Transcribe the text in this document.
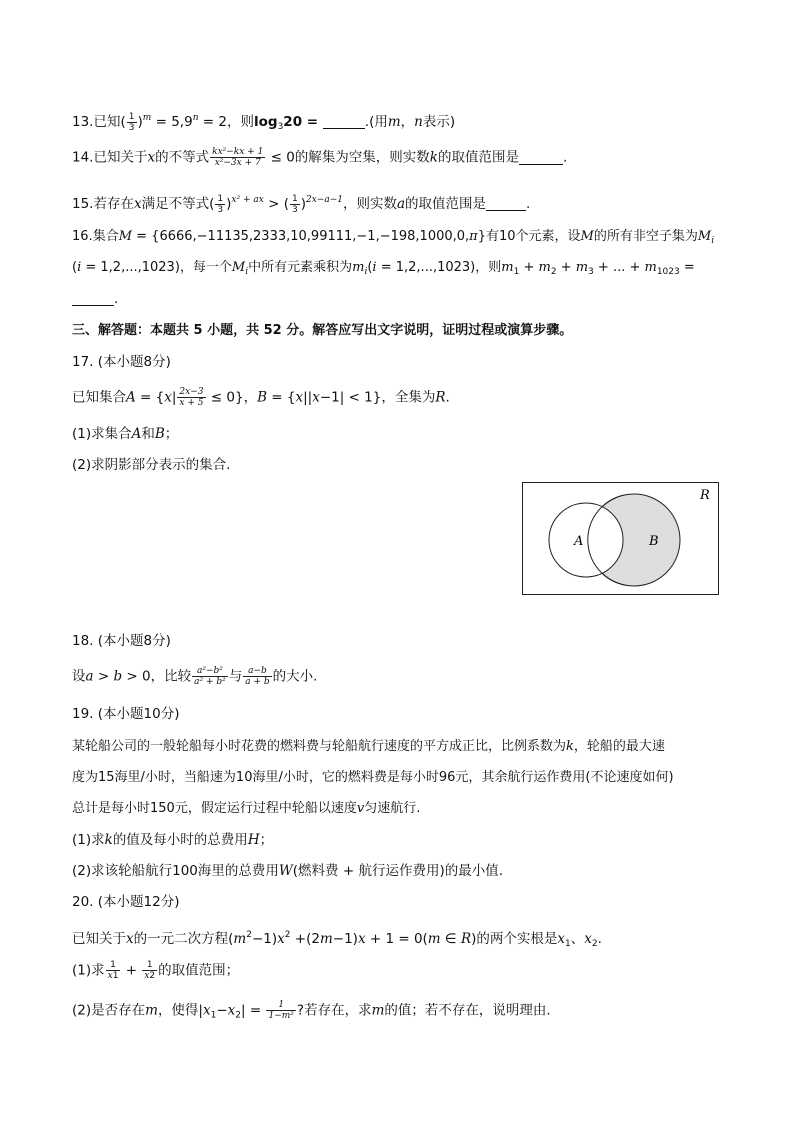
13.已知( $\frac{1}{3} )^m = 5,9^n = 2$，则$\log_320$ =	.(用m，n表示)
14.已知关于x的不等式 $\frac{\text{kx²−kx + 1}}{\text{x²−3x + 7}} \le 0$的解集为空集，则实数k的取值范围是	.
15.若存在x满足不等式( $\frac{1}{3} )^{x^2 + ax}$ > ( $\frac{1}{3} )^{2x-a-1}$，则实数a的取值范围是	.
16.集合M = {6666,−11135,2333,10,99111,−1,−198,1000,0,π}有10个元素，设M的所有非空子集为$M_i$
(i = 1,2,...,1023)，每一个$M_i$中所有元素乘积为$m_i(i = 1,2,...,1023)$，则$m_1 + m_2 + m_3$ + ... + $m_{1023}$ =
.
三、解答题：本题共 5 小题，共 52 分。解答应写出文字说明，证明过程或演算步骤。
17. (本小题8分)
已知集合$A = \{x| \frac{2x-3}{x + 5} \le 0\}$，B = {x||x−1| < 1}，全集为R.
(1)求集合A和B；
(2)求阴影部分表示的集合.
R
A	B
18. (本小题8分)
设a > b > 0，比较 $\frac{\text{a²−b²}}{\text{a² + b²}}$ 与 $\frac{a-b}{a + b}$ 的大小.
19. (本小题10分)
某轮船公司的一般轮船每小时花费的燃料费与轮船航行速度的平方成正比，比例系数为k，轮船的最大速
度为15海里/小时，当船速为10海里/小时，它的燃料费是每小时96元，其余航行运作费用(不论速度如何)
总计是每小时150元，假定运行过程中轮船以速度v匀速航行.
(1)求k的值及每小时的总费用H；
(2)求该轮船航行100海里的总费用W(燃料费 + 航行运作费用)的最小值.
20. (本小题12分)
已知关于x的一元二次方程$(m^2-1)x^2 +(2m-1)x + 1 = 0(m$ ∈ R)的两个实根是$x_1$、$x_2$.
(1)求 $\frac{1}{x1} + \frac{1}{x2}$ 的取值范围；
(2)是否存在m，使得$|x_1-x_2| = \frac{1}{\text{1−m²}}$ ?若存在，求m的值；若不存在，说明理由.
